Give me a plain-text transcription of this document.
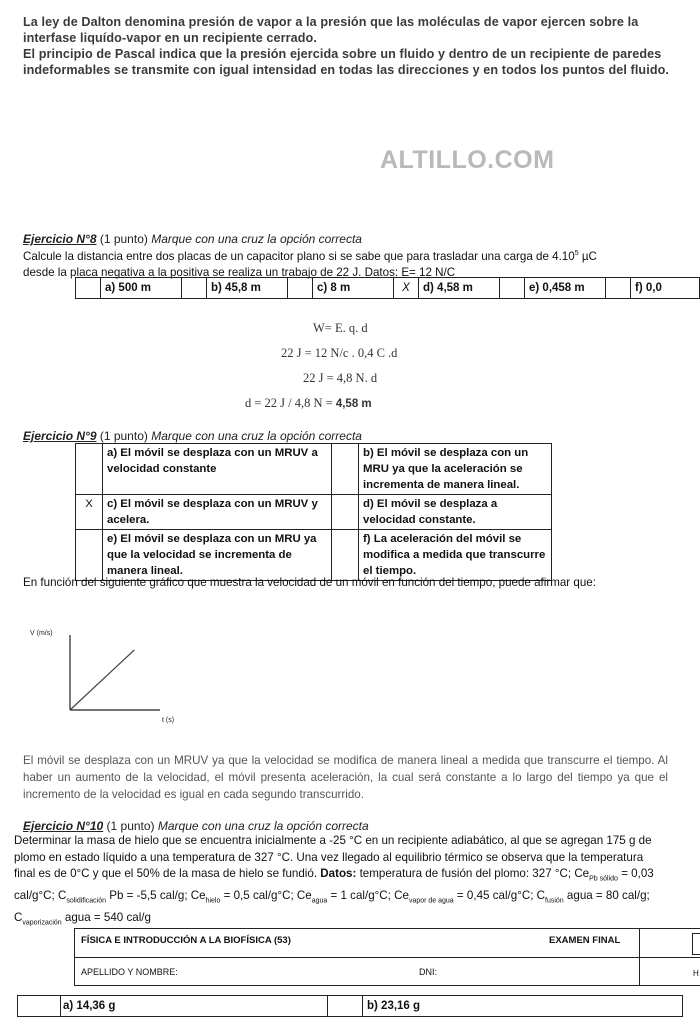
La ley de Dalton denomina presión de vapor a la presión que las moléculas de vapor ejercen sobre la interfase liquído-vapor en un recipiente cerrado.

El principio de Pascal indica que la presión ejercida sobre un fluido y dentro de un recipiente de paredes indeformables se transmite con igual intensidad en todas las direcciones y en todos los puntos del fluido.

ALTILLO.COM
Ejercicio N°8 (1 punto) Marque con una cruz la opción correcta
Calcule la distancia entre dos placas de un capacitor plano si se sabe que para trasladar una carga de 4.10$^5$ µC
desde la placa negativa a la positiva se realiza un trabajo de 22 J. Datos: E= 12 N/C
	a) 500 m		b) 45,8 m		c) 8 m	X	d) 4,58 m		e) 0,458 m		f) 0,0
W= E. q. d
22 J = 12 N/c . 0,4 C .d
22 J = 4,8 N. d
d = 22 J / 4,8 N = 4,58 m
Ejercicio N°9 (1 punto) Marque con una cruz la opción correcta
	a) El móvil se desplaza con un MRUV a velocidad constante		b) El móvil se desplaza con un MRU ya que la aceleración se incrementa de manera lineal.
X	c) El móvil se desplaza con un MRUV y acelera.		d) El móvil se desplaza a velocidad constante.
	e) El móvil se desplaza con un MRU ya que la velocidad se incrementa de manera lineal.		f) La aceleración del móvil se modifica a medida que transcurre el tiempo.
En función del siguiente gráfico que muestra la velocidad de un móvil en función del tiempo, puede afirmar que:
V (m/s)
t (s)
El móvil se desplaza con un MRUV ya que la velocidad se modifica de manera lineal a medida que transcurre el tiempo. Al haber un aumento de la velocidad, el móvil presenta aceleración, la cual será constante a lo largo del tiempo ya que el incremento de la velocidad es igual en cada segundo transcurrido.
Ejercicio N°10 (1 punto) Marque con una cruz la opción correcta
Determinar la masa de hielo que se encuentra inicialmente a -25 °C en un recipiente adiabático, al que se agregan 175 g de
plomo en estado líquido a una temperatura de 327 °C. Una vez llegado al equilibrio térmico se observa que la temperatura
final es de 0°C y que el 50% de la masa de hielo se fundió. Datos: temperatura de fusión del plomo: 327 °C; $Ce_{Pb sólido} = 0,03$
cal/g°C; $C_{solidificación}$ Pb = -5,5 cal/g; $Ce_{hielo} = 0,5$ cal/g°C; $Ce_{agua} = 1$ cal/g°C; $Ce_{vapor de agua} = 0,45$ cal/g°C; $C_{fusión}$ agua = 80 cal/g;
$C_{vaporización}$ agua = 540 cal/g
FÍSICA E INTRODUCCIÓN A LA BIOFÍSICA (53)	EXAMEN FINAL
APELLIDO Y NOMBRE:	DNI:	H
	a) 14,36 g		b) 23,16 g
